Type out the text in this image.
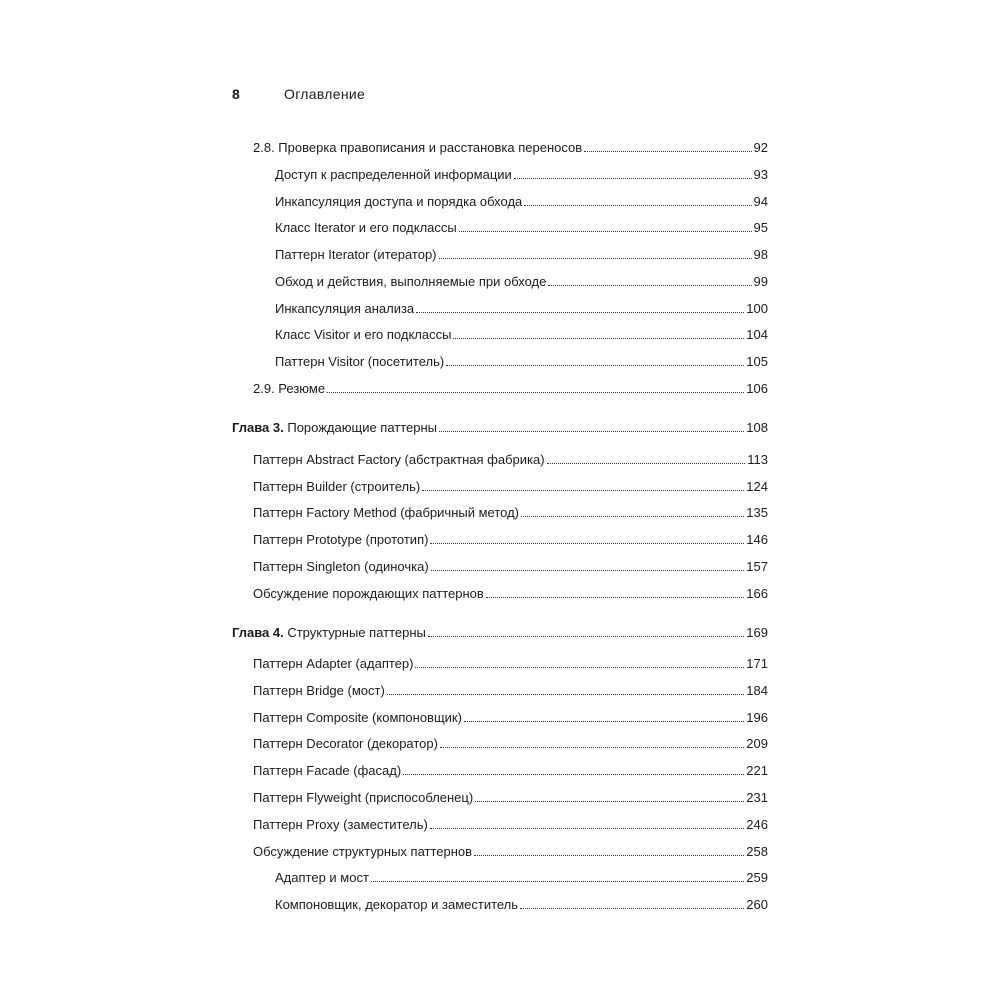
8	Оглавление
2.8. Проверка правописания и расстановка переносов	92
Доступ к распределенной информации	93
Инкапсуляция доступа и порядка обхода	94
Класс Iterator и его подклассы	95
Паттерн Iterator (итератор)	98
Обход и действия, выполняемые при обходе	99
Инкапсуляция анализа	100
Класс Visitor и его подклассы	104
Паттерн Visitor (посетитель)	105
2.9. Резюме	106
Глава 3. Порождающие паттерны	108
Паттерн Abstract Factory (абстрактная фабрика)	113
Паттерн Builder (строитель)	124
Паттерн Factory Method (фабричный метод)	135
Паттерн Prototype (прототип)	146
Паттерн Singleton (одиночка)	157
Обсуждение порождающих паттернов	166
Глава 4. Структурные паттерны	169
Паттерн Adapter (адаптер)	171
Паттерн Bridge (мост)	184
Паттерн Composite (компоновщик)	196
Паттерн Decorator (декоратор)	209
Паттерн Facade (фасад)	221
Паттерн Flyweight (приспособленец)	231
Паттерн Proxy (заместитель)	246
Обсуждение структурных паттернов	258
Адаптер и мост	259
Компоновщик, декоратор и заместитель	260
